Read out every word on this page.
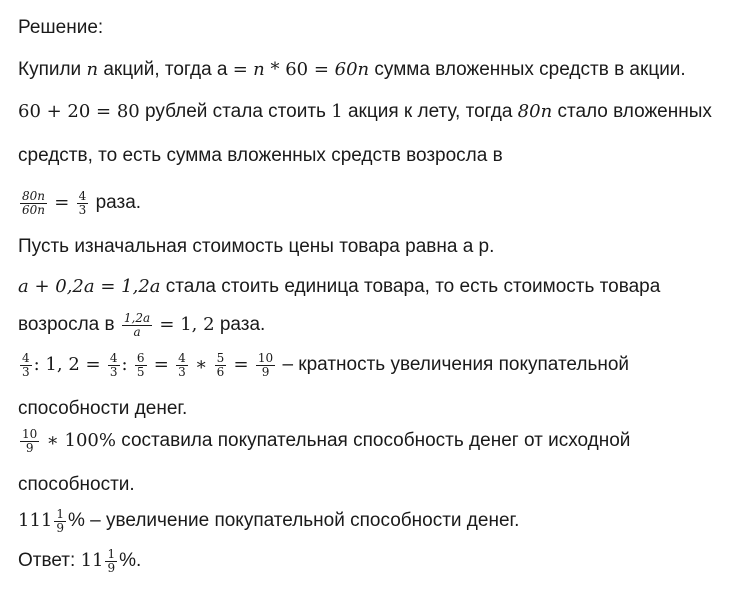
Решение:
Купили n акций, тогда а = n * 60 = 60n сумма вложенных средств в акции.
60 + 20 = 80 рублей стала стоить 1 акция к лету, тогда 80n стало вложенных
средств, то есть сумма вложенных средств возросла в
$\frac{80n}{60n} = \frac{4}{3}$ раза.
Пусть изначальная стоимость цены товара равна а р.
a + 0,2a = 1,2a стала стоить единица товара, то есть стоимость товара
возросла в $\frac{1,2a}{a} = 1$, 2 раза.
$\frac{4}{3}$ : 1, $2 = \frac{4}{3}$ : $\frac{6}{5} = \frac{4}{3}$ ∗ $\frac{5}{6} = \frac{10}{9}$ – кратность увеличения покупательной
способности денег.
$\frac{10}{9}$ ∗ 100% составила покупательная способность денег от исходной
способности.
$111 \frac{1}{9}$ % – увеличение покупательной способности денег.
Ответ: $11 \frac{1}{9}$ %.
